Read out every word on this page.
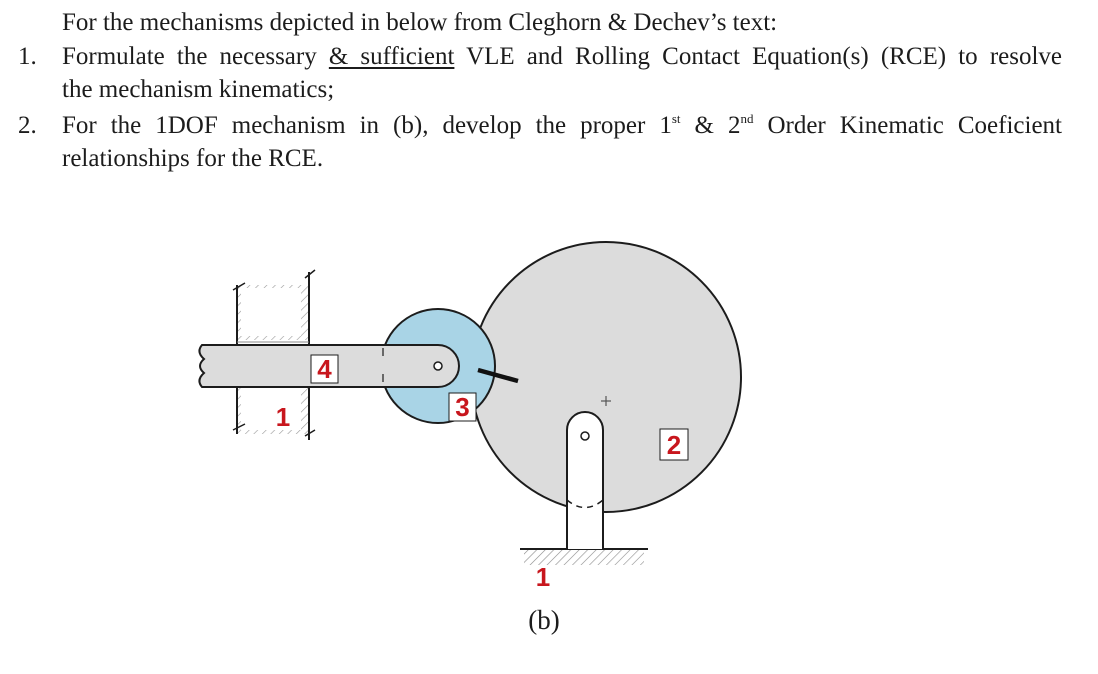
For the mechanisms depicted in below from Cleghorn & Dechev’s text:
1. Formulate the necessary & sufficient VLE and Rolling Contact Equation(s) (RCE) to resolve
the mechanism kinematics;
2. For the 1DOF mechanism in (b), develop the proper 1st & 2nd Order Kinematic Coeficient
relationships for the RCE.
4
1	3
2
1
(b)
